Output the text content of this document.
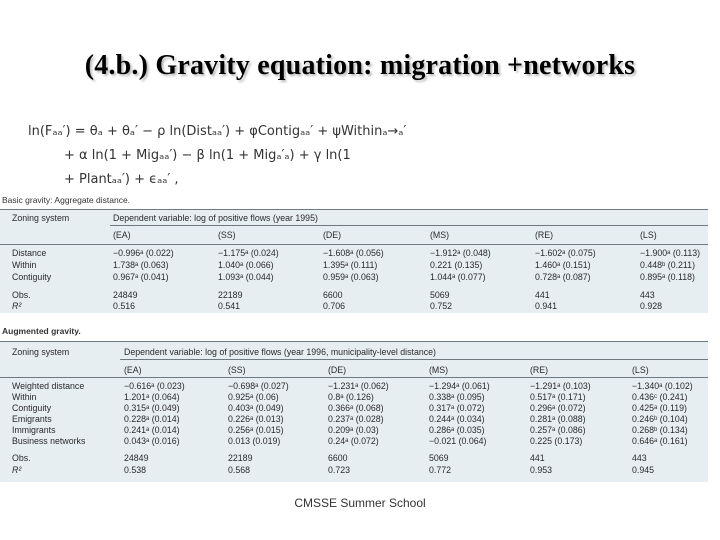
(4.b.) Gravity equation: migration +networks
ln(Fₐₐ′) = θₐ + θₐ′ − ρ ln(Distₐₐ′) + φContigₐₐ′ + ψWithinₐ→ₐ′
+ α ln(1 + Migₐₐ′) − β ln(1 + Migₐ′ₐ) + γ ln(1
+ Plantₐₐ′) + ϵₐₐ′ ,
Basic gravity: Aggregate distance.
Zoning system	Dependent variable: log of positive flows (year 1995)
(EA)	(SS)	(DE)	(MS)	(RE)	(LS)
Distance	−0.996ᵃ (0.022)	−1.175ᵃ (0.024)	−1.608ᵃ (0.056)	−1.912ᵃ (0.048)	−1.602ᵃ (0.075)	−1.900ᵃ (0.113)
Within	1.738ᵃ (0.063)	1.040ᵃ (0.066)	1.395ᵃ (0.111)	0.221 (0.135)	1.460ᵃ (0.151)	0.448ᵇ (0.211)
Contiguity	0.967ᵃ (0.041)	1.093ᵃ (0.044)	0.959ᵃ (0.063)	1.044ᵃ (0.077)	0.728ᵃ (0.087)	0.895ᵃ (0.118)
Obs.	24849	22189	6600	5069	441	443
R²	0.516	0.541	0.706	0.752	0.941	0.928
Augmented gravity.
Zoning system	Dependent variable: log of positive flows (year 1996, municipality-level distance)
(EA)	(SS)	(DE)	(MS)	(RE)	(LS)
Weighted distance	−0.616ᵃ (0.023)	−0.698ᵃ (0.027)	−1.231ᵃ (0.062)	−1.294ᵃ (0.061)	−1.291ᵃ (0.103)	−1.340ᵃ (0.102)
Within	1.201ᵃ (0.064)	0.925ᵃ (0.06)	0.8ᵃ (0.126)	0.338ᵃ (0.095)	0.517ᵃ (0.171)	0.436ᶜ (0.241)
Contiguity	0.315ᵃ (0.049)	0.403ᵃ (0.049)	0.366ᵃ (0.068)	0.317ᵃ (0.072)	0.296ᵃ (0.072)	0.425ᵃ (0.119)
Emigrants	0.228ᵃ (0.014)	0.226ᵃ (0.013)	0.237ᵃ (0.028)	0.244ᵃ (0.034)	0.281ᵃ (0.088)	0.246ᵇ (0.104)
Immigrants	0.241ᵃ (0.014)	0.256ᵃ (0.015)	0.209ᵃ (0.03)	0.286ᵃ (0.035)	0.257ᵃ (0.086)	0.268ᵇ (0.134)
Business networks	0.043ᵃ (0.016)	0.013 (0.019)	0.24ᵃ (0.072)	−0.021 (0.064)	0.225 (0.173)	0.646ᵃ (0.161)
Obs.	24849	22189	6600	5069	441	443
R²	0.538	0.568	0.723	0.772	0.953	0.945
CMSSE Summer School
